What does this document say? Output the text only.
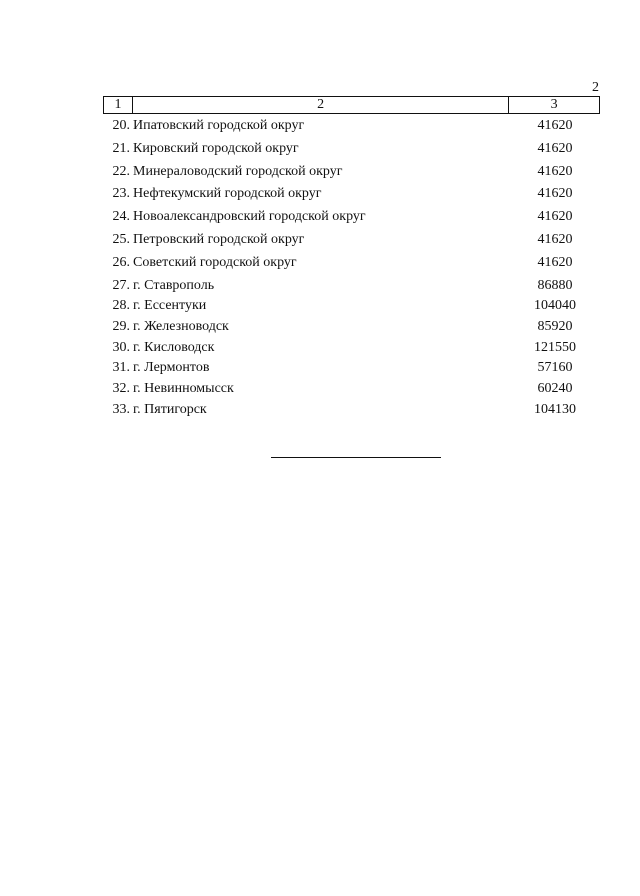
2
1	2	3
20. Ипатовский городской округ	41620
21. Кировский городской округ	41620
22. Минераловодский городской округ	41620
23. Нефтекумский городской округ	41620
24. Новоалександровский городской округ	41620
25. Петровский городской округ	41620
26. Советский городской округ	41620
27. г. Ставрополь	86880
28. г. Ессентуки	104040
29. г. Железноводск	85920
30. г. Кисловодск	121550
31. г. Лермонтов	57160
32. г. Невинномысск	60240
33. г. Пятигорск	104130
